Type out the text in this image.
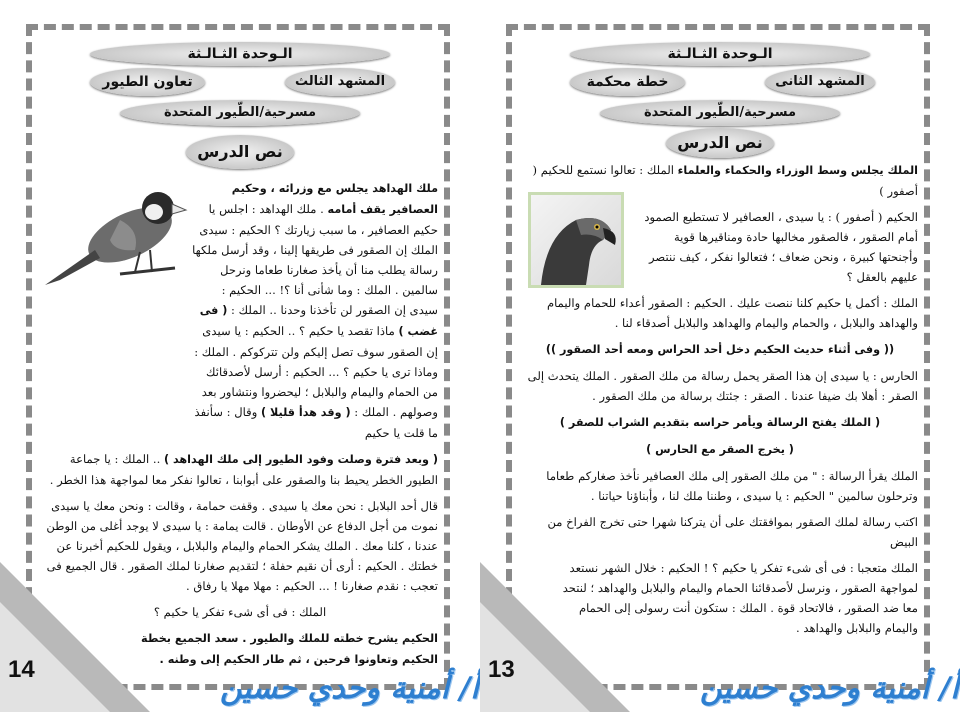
الـوحدة الثـالـثة
المشهد الثالث
تعاون الطيور
مسرحية/الطّيور المتحدة
نص الدرس

ملك الهداهد يجلس مع وزرائه ، وحكيم العصافير يقف أمامه . ملك الهداهد : اجلس يا حكيم العصافير ، ما سبب زيارتك ؟ الحكيم : سيدى الملك إن الصقور فى طريقها إلينا ، وقد أرسل ملكها رسالة يطلب منا أن يأخذ صغارنا طعاما ونرحل سالمين . الملك : وما شأنى أنا ؟! ... الحكيم : سيدى إن الصقور لن تأخذنا وحدنا .. الملك : ( فى غضب ) ماذا تقصد يا حكيم ؟ .. الحكيم : يا سيدى إن الصقور سوف تصل إليكم ولن تتركوكم . الملك : وماذا ترى يا حكيم ؟ ... الحكيم : أرسل لأصدقائك من الحمام واليمام والبلابل ؛ ليحضروا ونتشاور بعد وصولهم . الملك : ( وقد هدأ قليلا ) وقال : سأنفذ ما قلت يا حكيم

( وبعد فترة وصلت وفود الطيور إلى ملك الهداهد ) .. الملك : يا جماعة الطيور الخطر يحيط بنا والصقور على أبوابنا ، تعالوا نفكر معا لمواجهة هذا الخطر .

قال أحد البلابل : نحن معك يا سيدى . وقفت حمامة ، وقالت : ونحن معك يا سيدى نموت من أجل الدفاع عن الأوطان . قالت يمامة : يا سيدى لا يوجد أغلى من الوطن عندنا ، كلنا معك . الملك يشكر الحمام واليمام والبلابل ، ويقول للحكيم أخبرنا عن خطتك . الحكيم : أرى أن نقيم حفلة ؛ لتقديم صغارنا لملك الصقور . قال الجميع فى تعجب : نقدم صغارنا ! ... الحكيم : مهلا مهلا يا رفاق .

الملك : فى أى شىء تفكر يا حكيم ؟

الحكيم يشرح خطته للملك والطيور . سعد الجميع بخطة الحكيم وتعاونوا فرحين ، ثم طار الحكيم إلى وطنه .

14
أ/ أمنية وحدي حسين
الـوحدة الثـالـثة
المشهد الثانى
خطة محكمة
مسرحية/الطّيور المتحدة
نص الدرس

الملك يجلس وسط الوزراء والحكماء والعلماء الملك : تعالوا نستمع للحكيم ( أصفور )

الحكيم ( أصفور ) : يا سيدى ، العصافير لا تستطيع الصمود أمام الصقور ، فالصقور مخالبها حادة ومناقيرها قوية وأجنحتها كبيرة ، ونحن ضعاف ؛ فتعالوا نفكر ، كيف ننتصر عليهم بالعقل ؟

الملك : أكمل يا حكيم كلنا ننصت عليك . الحكيم : الصقور أعداء للحمام واليمام والهداهد والبلابل ، والحمام واليمام والهداهد والبلابل أصدقاء لنا .

(( وفى أثناء حديث الحكيم دخل أحد الحراس ومعه أحد الصقور ))

الحارس : يا سيدى إن هذا الصقر يحمل رسالة من ملك الصقور . الملك يتحدث إلى الصقر : أهلا بك ضيفا عندنا . الصقر : جئتك برسالة من ملك الصقور .

( الملك يفتح الرسالة ويأمر حراسه بتقديم الشراب للصقر )

( يخرج الصقر مع الحارس )

الملك يقرأ الرسالة : " من ملك الصقور إلى ملك العصافير نأخذ صغاركم طعاما وترحلون سالمين " الحكيم : يا سيدى ، وطننا ملك لنا ، وأبناؤنا حياتنا .

اكتب رسالة لملك الصقور بموافقتك على أن يتركنا شهرا حتى تخرج الفراخ من البيض

الملك متعجبا : فى أى شىء تفكر يا حكيم ؟ ! الحكيم : خلال الشهر نستعد لمواجهة الصقور ، ونرسل لأصدقائنا الحمام واليمام والبلابل والهداهد ؛ لنتحد معا ضد الصقور ، فالاتحاد قوة . الملك : ستكون أنت رسولى إلى الحمام واليمام والبلابل والهداهد .

13
أ/ أمنية وحدي حسين
